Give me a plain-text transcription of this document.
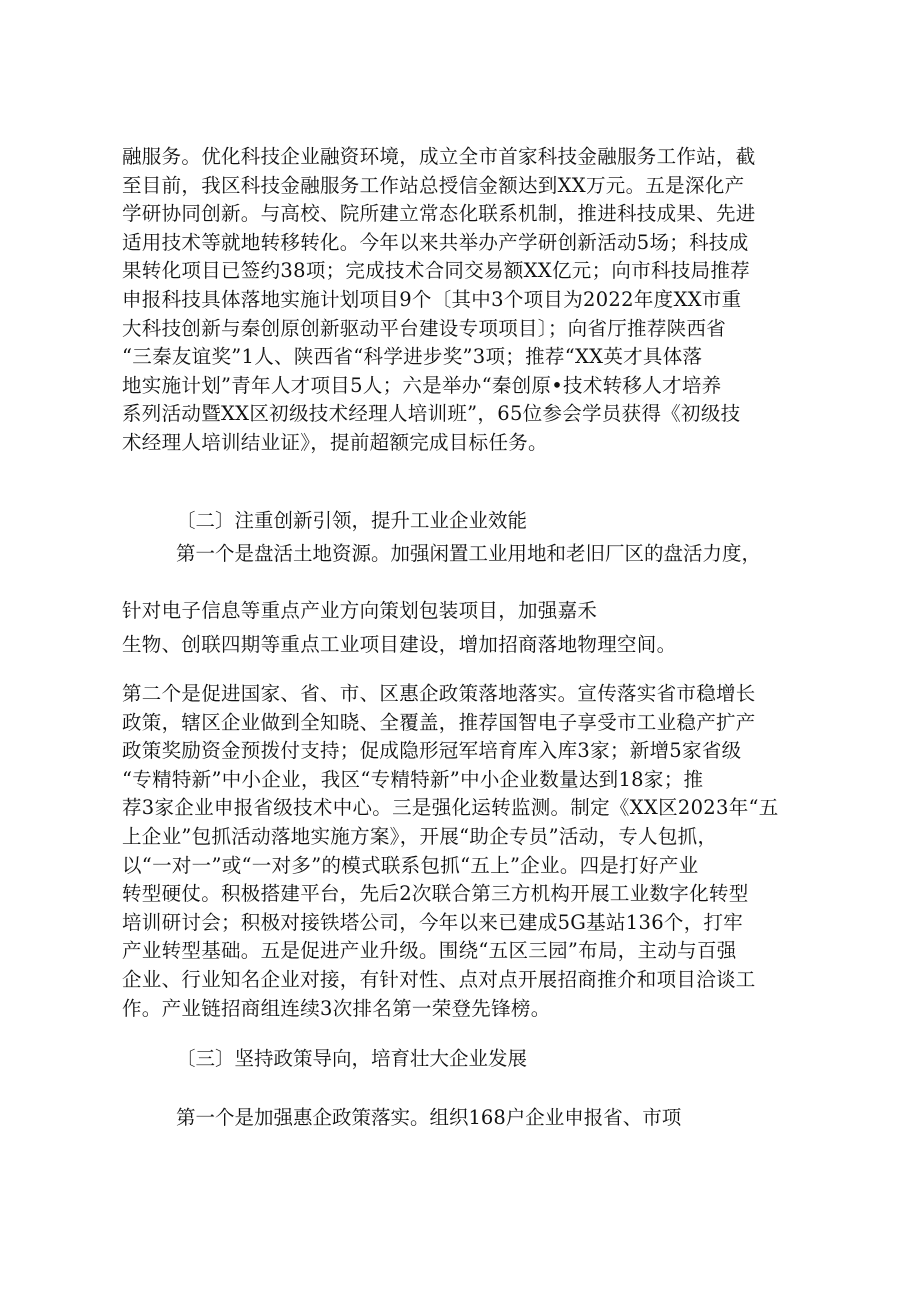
融服务。优化科技企业融资环境，成立全市首家科技金融服务工作站，截
至目前，我区科技金融服务工作站总授信金额达到XX万元。五是深化产
学研协同创新。与高校、院所建立常态化联系机制，推进科技成果、先进
适用技术等就地转移转化。今年以来共举办产学研创新活动5场；科技成
果转化项目已签约38项；完成技术合同交易额XX亿元；向市科技局推荐
申报科技具体落地实施计划项目9个〔其中3个项目为2022年度XX市重
大科技创新与秦创原创新驱动平台建设专项项目〕；向省厅推荐陕西省
“三秦友谊奖”1人、陕西省“科学进步奖”3项；推荐“XX英才具体落
地实施计划”青年人才项目5人；六是举办“秦创原•技术转移人才培养
系列活动暨XX区初级技术经理人培训班”，65位参会学员获得《初级技
术经理人培训结业证》，提前超额完成目标任务。
〔二〕注重创新引领，提升工业企业效能
第一个是盘活土地资源。加强闲置工业用地和老旧厂区的盘活力度，
针对电子信息等重点产业方向策划包装项目，加强嘉禾
生物、创联四期等重点工业项目建设，增加招商落地物理空间。
第二个是促进国家、省、市、区惠企政策落地落实。宣传落实省市稳增长
政策，辖区企业做到全知晓、全覆盖，推荐国智电子享受市工业稳产扩产
政策奖励资金预拨付支持；促成隐形冠军培育库入库3家；新增5家省级
“专精特新”中小企业，我区“专精特新”中小企业数量达到18家；推
荐3家企业申报省级技术中心。三是强化运转监测。制定《XX区2023年“五
上企业”包抓活动落地实施方案》，开展“助企专员”活动，专人包抓，
以“一对一”或“一对多”的模式联系包抓“五上”企业。四是打好产业
转型硬仗。积极搭建平台，先后2次联合第三方机构开展工业数字化转型
培训研讨会；积极对接铁塔公司，今年以来已建成5G基站136个，打牢
产业转型基础。五是促进产业升级。围绕“五区三园”布局，主动与百强
企业、行业知名企业对接，有针对性、点对点开展招商推介和项目洽谈工
作。产业链招商组连续3次排名第一荣登先锋榜。
〔三〕坚持政策导向，培育壮大企业发展
第一个是加强惠企政策落实。组织168户企业申报省、市项
